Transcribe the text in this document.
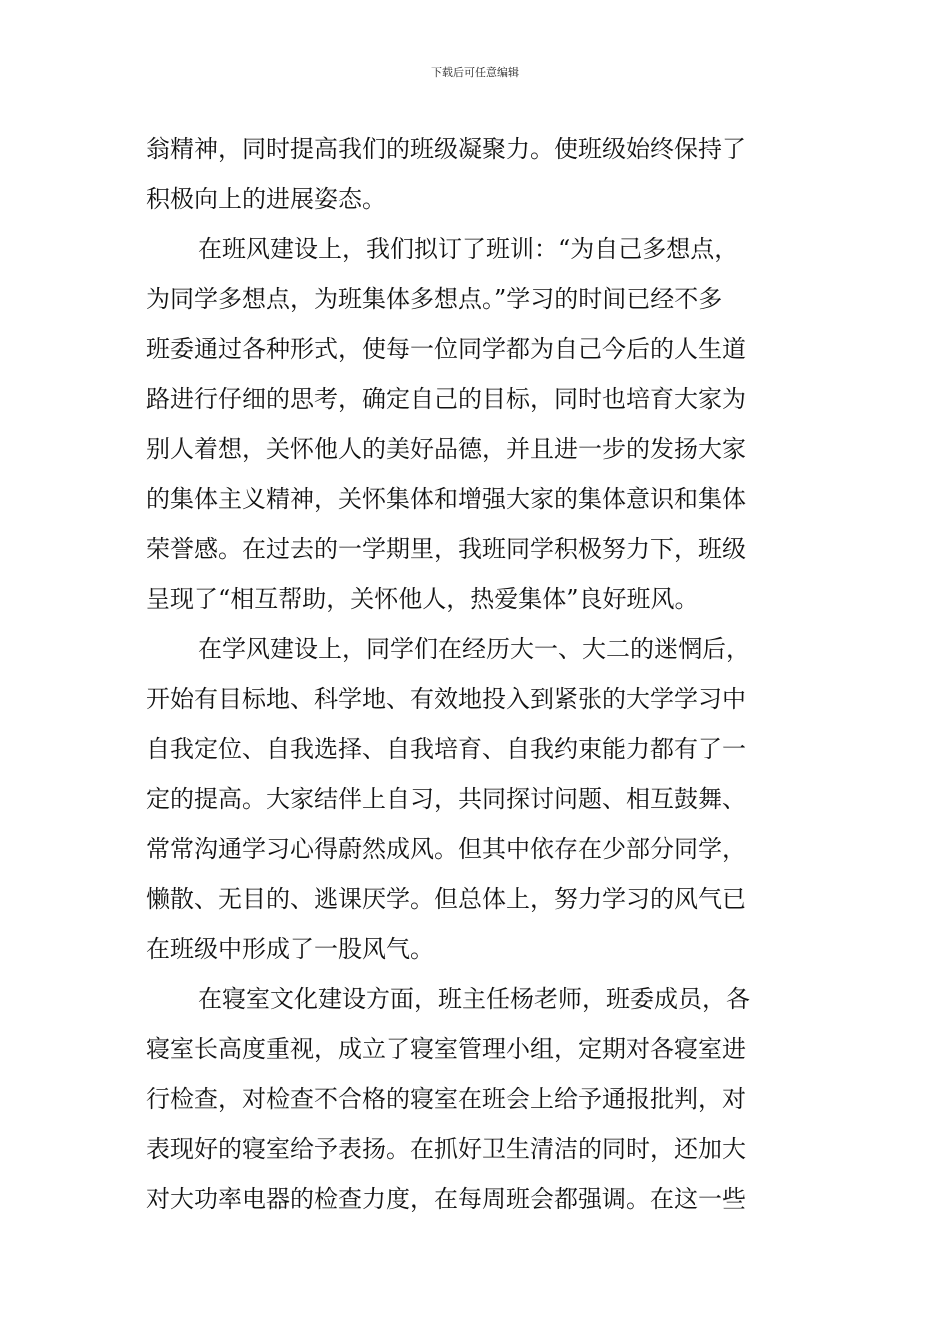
下载后可任意编辑
翁精神，同时提高我们的班级凝聚力。使班级始终保持了
积极向上的进展姿态。
在班风建设上，我们拟订了班训：“为自己多想点，
为同学多想点，为班集体多想点。”学习的时间已经不多
班委通过各种形式，使每一位同学都为自己今后的人生道
路进行仔细的思考，确定自己的目标，同时也培育大家为
别人着想，关怀他人的美好品德，并且进一步的发扬大家
的集体主义精神，关怀集体和增强大家的集体意识和集体
荣誉感。在过去的一学期里，我班同学积极努力下，班级
呈现了“相互帮助，关怀他人，热爱集体”良好班风。
在学风建设上，同学们在经历大一、大二的迷惘后，
开始有目标地、科学地、有效地投入到紧张的大学学习中
自我定位、自我选择、自我培育、自我约束能力都有了一
定的提高。大家结伴上自习，共同探讨问题、相互鼓舞、
常常沟通学习心得蔚然成风。但其中依存在少部分同学，
懒散、无目的、逃课厌学。但总体上，努力学习的风气已
在班级中形成了一股风气。
在寝室文化建设方面，班主任杨老师，班委成员，各
寝室长高度重视，成立了寝室管理小组，定期对各寝室进
行检查，对检查不合格的寝室在班会上给予通报批判，对
表现好的寝室给予表扬。在抓好卫生清洁的同时，还加大
对大功率电器的检查力度，在每周班会都强调。在这一些
